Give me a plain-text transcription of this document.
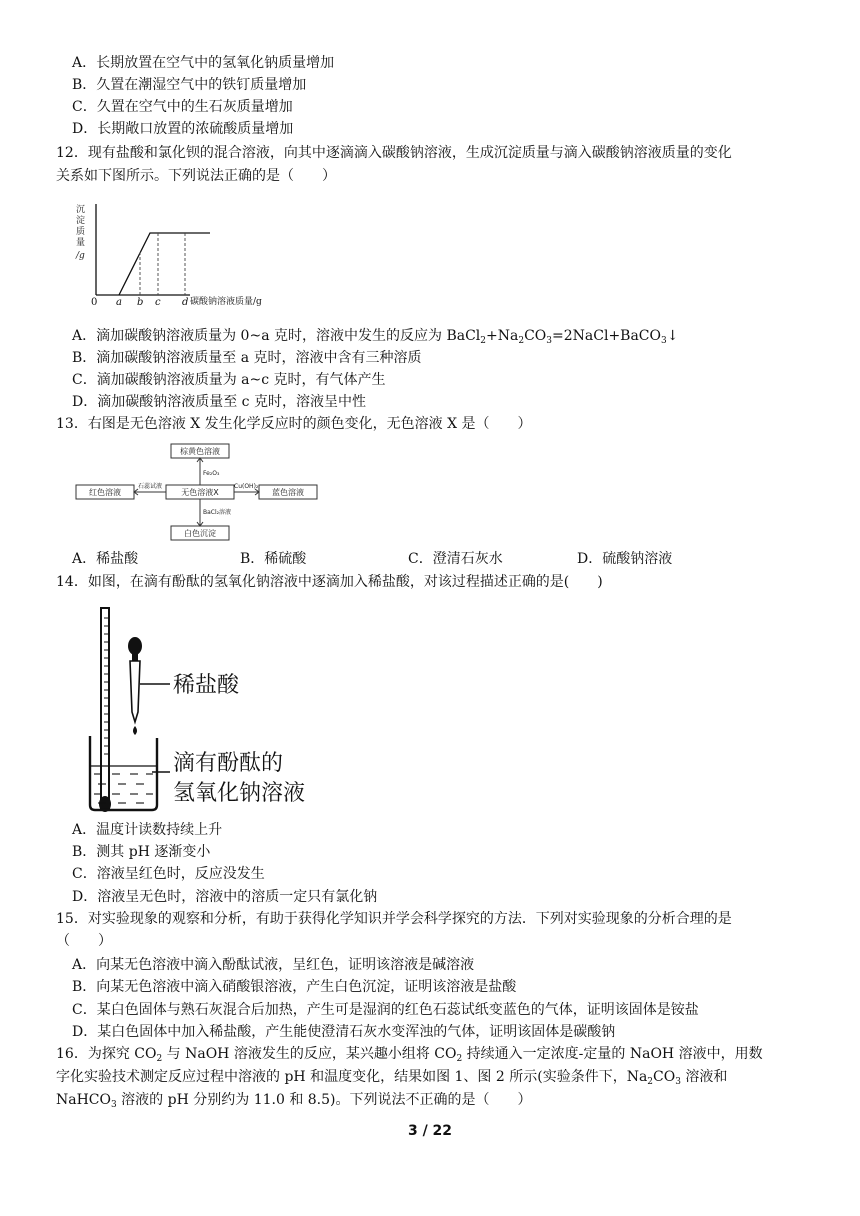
A．长期放置在空气中的氢氧化钠质量增加
B．久置在潮湿空气中的铁钉质量增加
C．久置在空气中的生石灰质量增加
D．长期敞口放置的浓硫酸质量增加
12．现有盐酸和氯化钡的混合溶液，向其中逐滴滴入碳酸钠溶液，生成沉淀质量与滴入碳酸钠溶液质量的变化
关系如下图所示。下列说法正确的是（　　）
沉
淀
质
量
/g
0 a b c d 碳酸钠溶液质量/g
A．滴加碳酸钠溶液质量为 0~a 克时，溶液中发生的反应为 $BaCl_2+Na_2CO_3=2NaCl+BaCO_3↓$
B．滴加碳酸钠溶液质量至 a 克时，溶液中含有三种溶质
C．滴加碳酸钠溶液质量为 a~c 克时，有气体产生
D．滴加碳酸钠溶液质量至 c 克时，溶液呈中性
13．右图是无色溶液 X 发生化学反应时的颜色变化，无色溶液 X 是（　　）
棕黄色溶液
红色溶液	无色溶液X	蓝色溶液
白色沉淀
Fe₂O₃
石蕊试液	Cu(OH)₂
BaCl₂溶液
A．稀盐酸	B．稀硫酸	C．澄清石灰水	D．硫酸钠溶液
14．如图，在滴有酚酞的氢氧化钠溶液中逐滴加入稀盐酸，对该过程描述正确的是(　　)
稀盐酸
滴有酚酞的
氢氧化钠溶液
A．温度计读数持续上升
B．测其 pH 逐渐变小
C．溶液呈红色时，反应没发生
D．溶液呈无色时，溶液中的溶质一定只有氯化钠
15．对实验现象的观察和分析，有助于获得化学知识并学会科学探究的方法．下列对实验现象的分析合理的是
（　　）
A．向某无色溶液中滴入酚酞试液，呈红色，证明该溶液是碱溶液
B．向某无色溶液中滴入硝酸银溶液，产生白色沉淀，证明该溶液是盐酸
C．某白色固体与熟石灰混合后加热，产生可是湿润的红色石蕊试纸变蓝色的气体，证明该固体是铵盐
D．某白色固体中加入稀盐酸，产生能使澄清石灰水变浑浊的气体，证明该固体是碳酸钠
16．为探究 $CO_2$ 与 NaOH 溶液发生的反应，某兴趣小组将 $CO_2$ 持续通入一定浓度-定量的 NaOH 溶液中，用数
字化实验技术测定反应过程中溶液的 pH 和温度变化，结果如图 1、图 2 所示(实验条件下，$Na_2CO_3$ 溶液和
NaHCO$_3$ 溶液的 pH 分别约为 11.0 和 8.5)。下列说法不正确的是（　　）
3 / 22
